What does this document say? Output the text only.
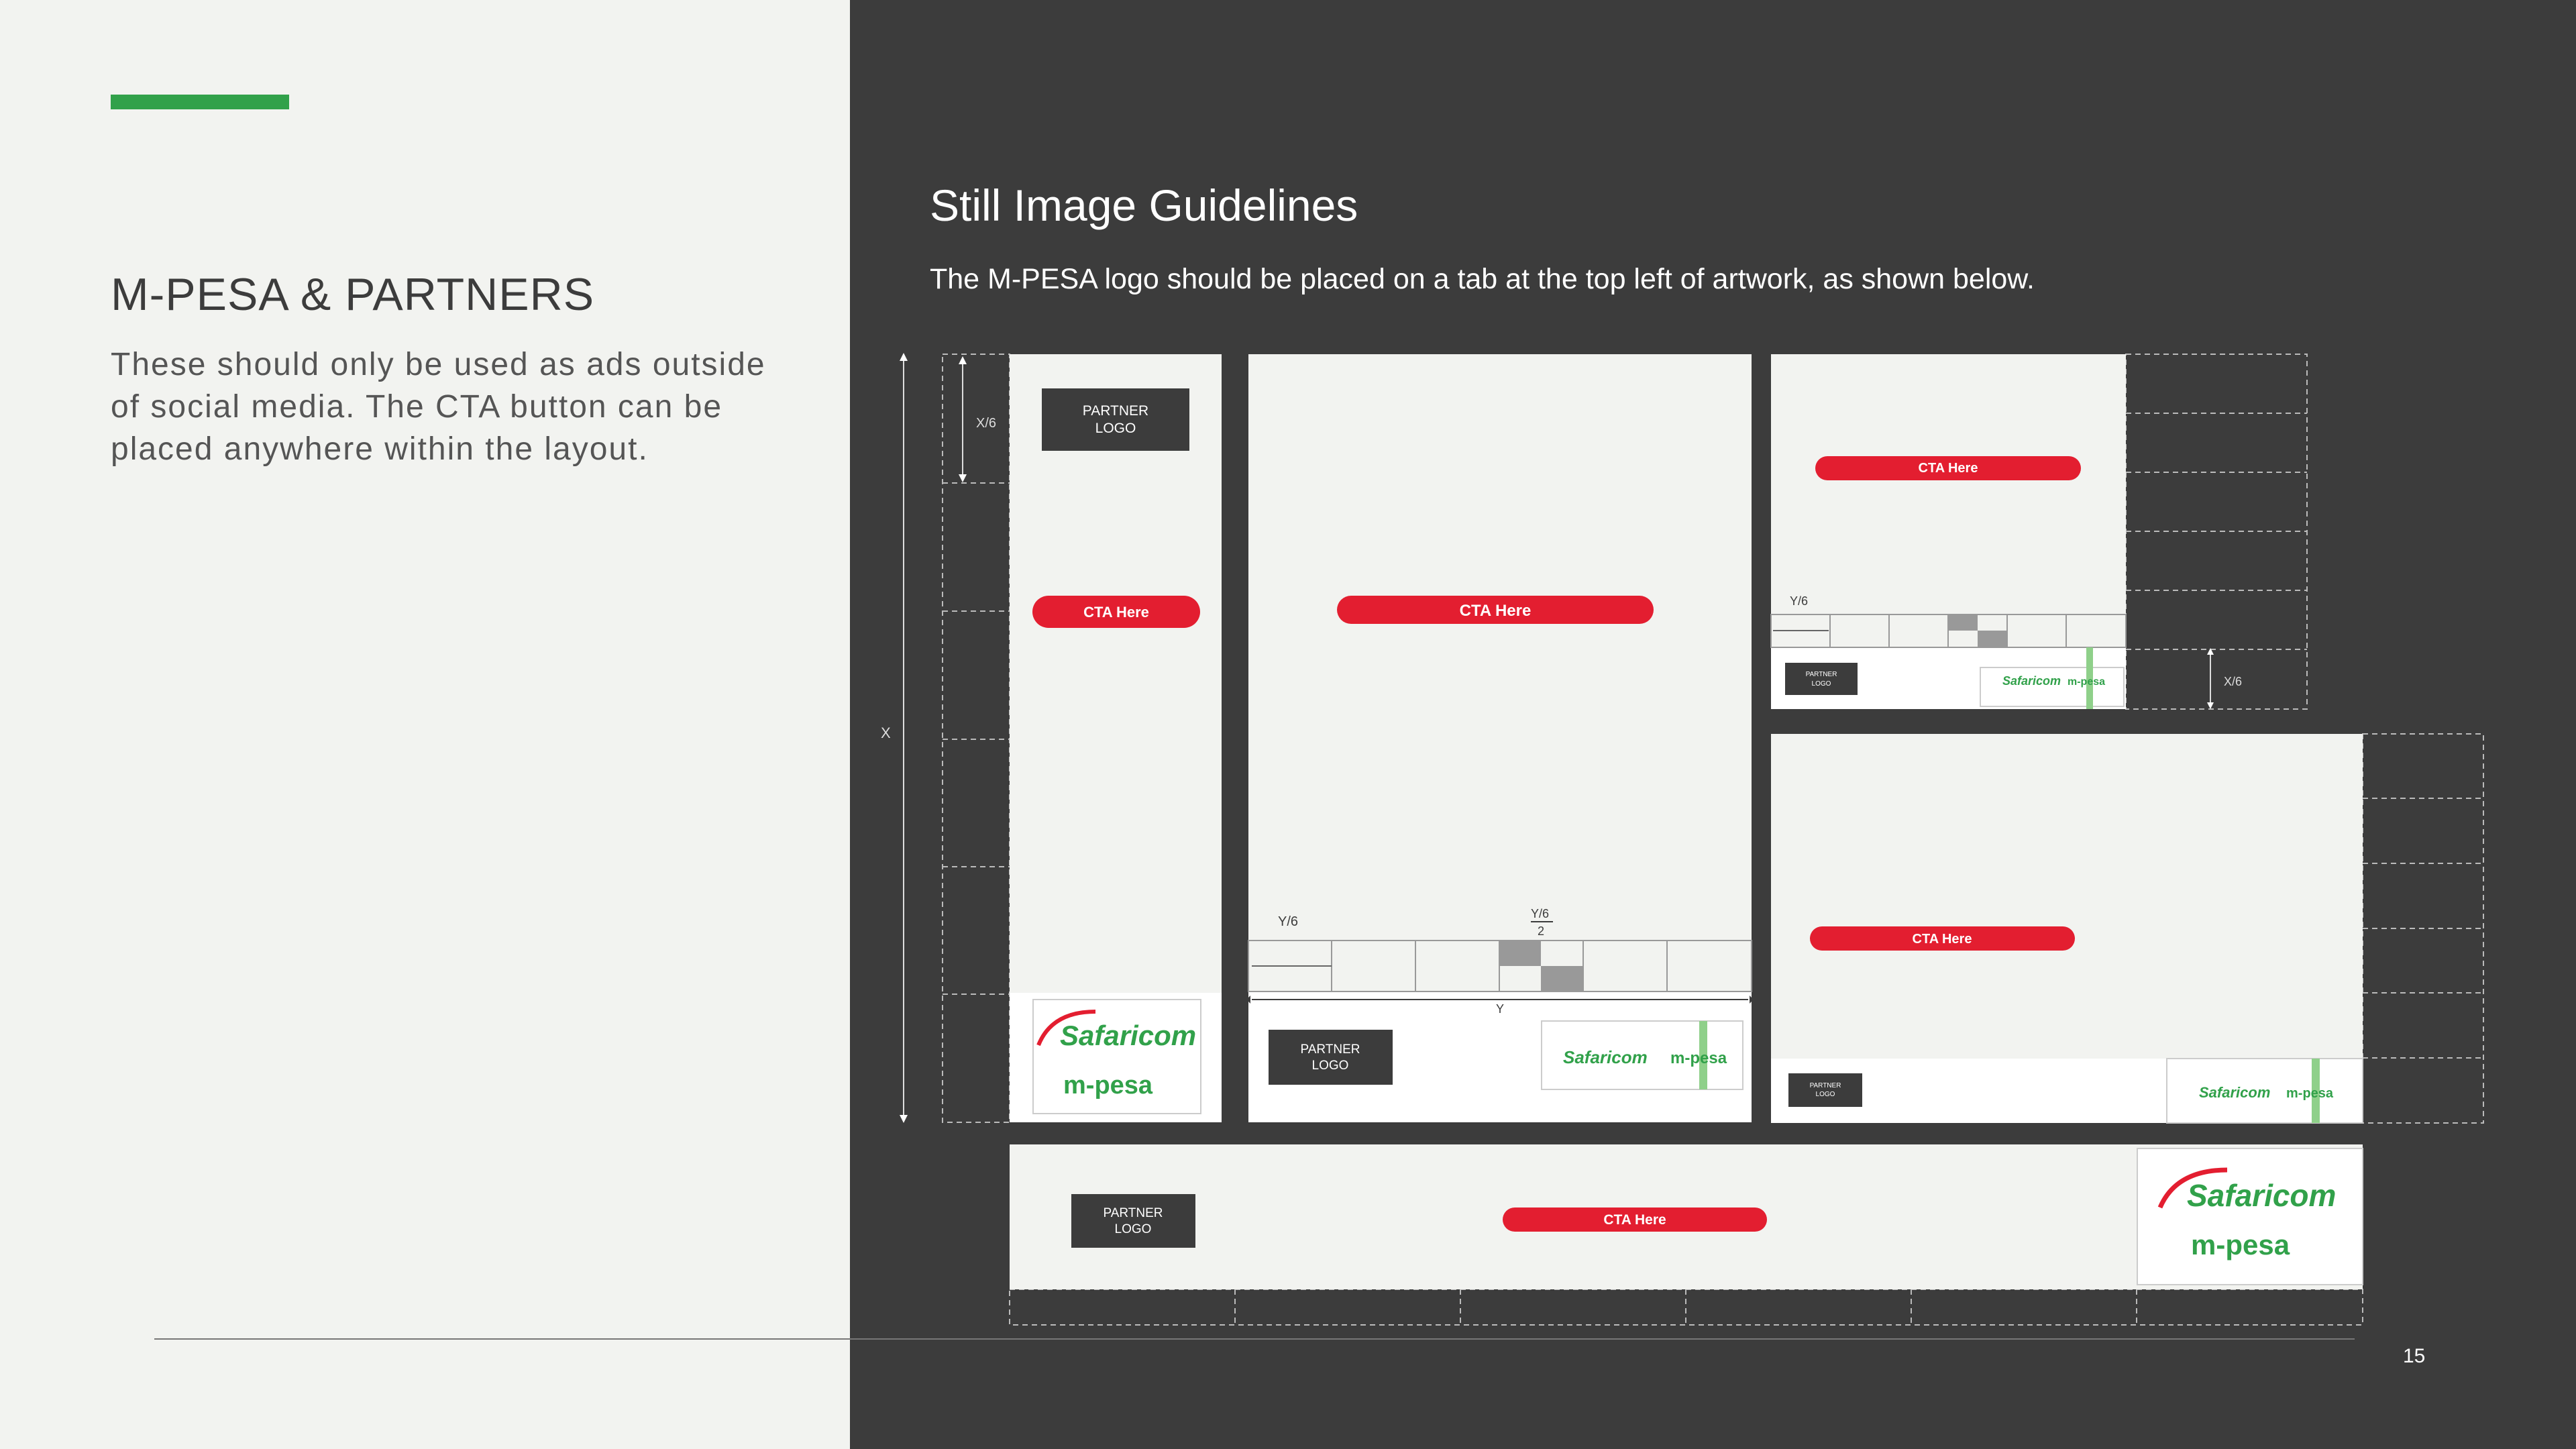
M-PESA & PARTNERS
These should only be used as ads outside of social media. The CTA button can be placed anywhere within the layout.
Still Image Guidelines
The M-PESA logo should be placed on a tab at the top left of artwork, as shown below.
X
X/6
PARTNER
LOGO
CTA Here
Safaricom
m-pesa
Y/6
Y/6
2
Y
PARTNER
LOGO
CTA Here
Safaricom m-pesa
Y/6
X/6
PARTNER
LOGO
CTA Here
Safaricom m-pesa
PARTNER
LOGO
CTA Here
Safaricom m-pesa
PARTNER
LOGO
CTA Here
Safaricom
m-pesa
15
